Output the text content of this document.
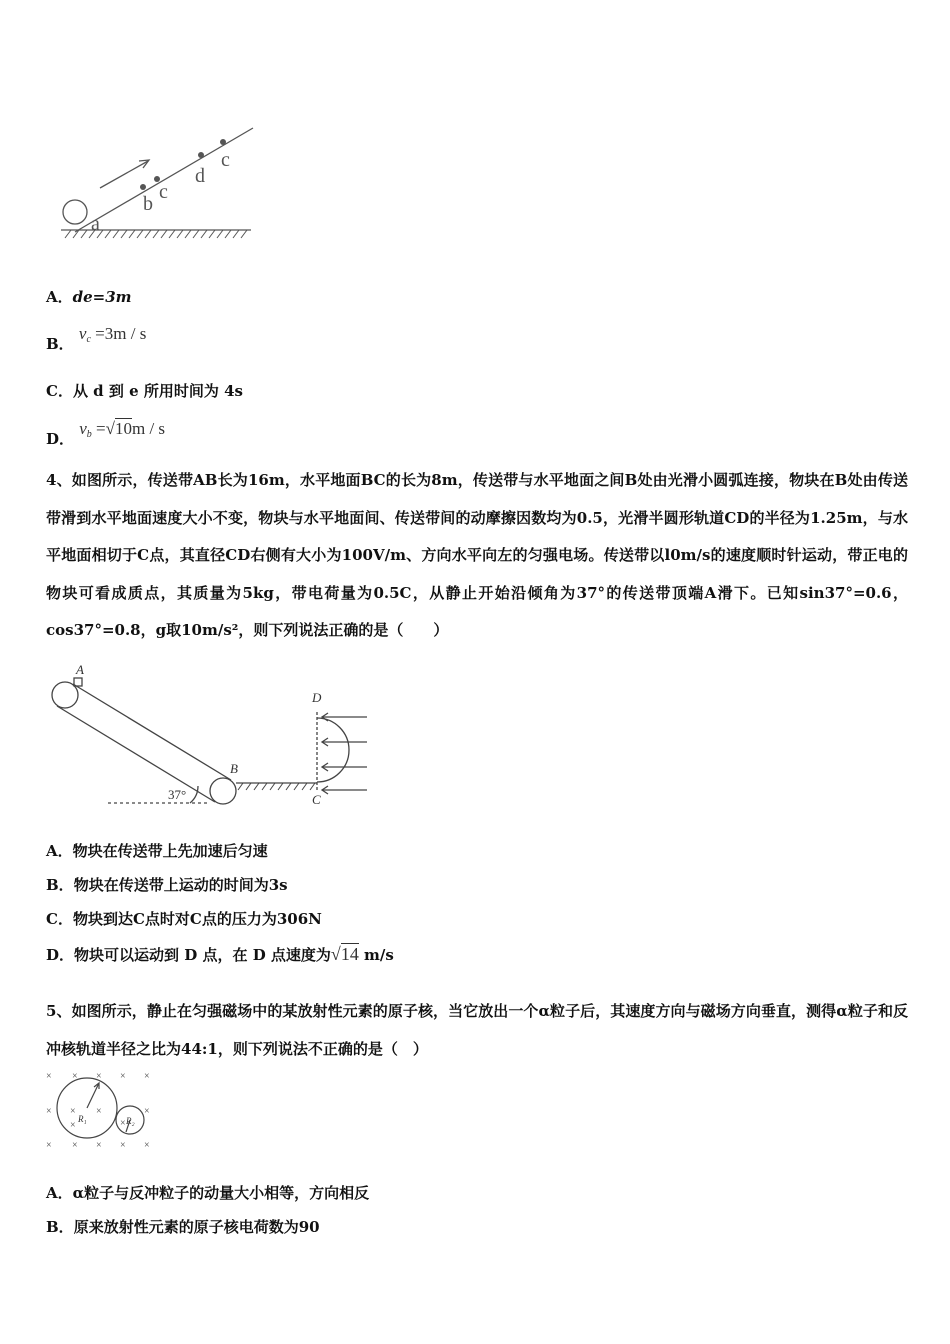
a
b
c
d
c
A．de=3m
B． vc =3m / s
C．从 d 到 e 所用时间为 4s
D． vb =√10m / s
4、如图所示，传送带AB长为16m，水平地面BC的长为8m，传送带与水平地面之间B处由光滑小圆弧连接，物块在B处由传送带滑到水平地面速度大小不变，物块与水平地面间、传送带间的动摩擦因数均为0.5，光滑半圆形轨道CD的半径为1.25m，与水平地面相切于C点，其直径CD右侧有大小为100V/m、方向水平向左的匀强电场。传送带以l0m/s的速度顺时针运动，带正电的物块可看成质点，其质量为5kg，带电荷量为0.5C，从静止开始沿倾角为37°的传送带顶端A滑下。已知sin37°=0.6，cos37°=0.8，g取10m/s²，则下列说法正确的是（　　）
A
B
C
D
37°
A．物块在传送带上先加速后匀速
B．物块在传送带上运动的时间为3s
C．物块到达C点时对C点的压力为306N
D．物块可以运动到 D 点，在 D 点速度为√14 m/s
5、如图所示，静止在匀强磁场中的某放射性元素的原子核，当它放出一个α粒子后，其速度方向与磁场方向垂直，测得α粒子和反冲核轨道半径之比为44:1，则下列说法不正确的是（　）
× × × × ×
× × ×	×
×	×
× × × × ×
R₁	R₂
A．α粒子与反冲粒子的动量大小相等，方向相反
B．原来放射性元素的原子核电荷数为90
